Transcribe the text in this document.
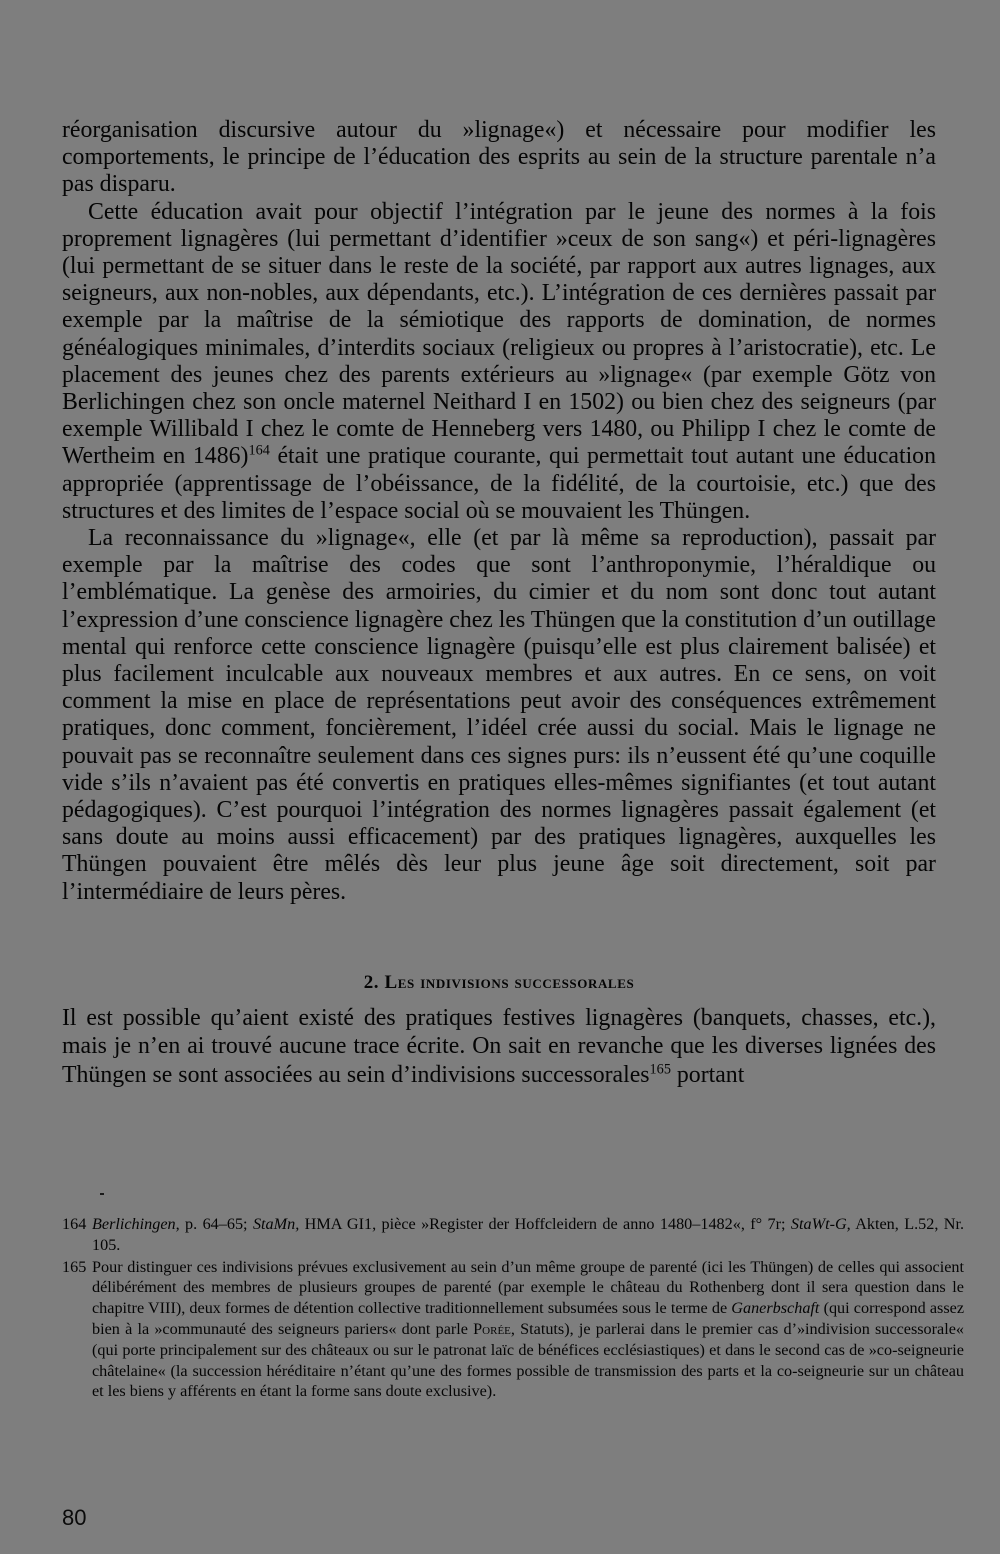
réorganisation discursive autour du »lignage«) et nécessaire pour modifier les comportements, le principe de l’éducation des esprits au sein de la structure parentale n’a pas disparu.

Cette éducation avait pour objectif l’intégration par le jeune des normes à la fois proprement lignagères (lui permettant d’identifier »ceux de son sang«) et péri-lignagères (lui permettant de se situer dans le reste de la société, par rapport aux autres lignages, aux seigneurs, aux non-nobles, aux dépendants, etc.). L’intégration de ces dernières passait par exemple par la maîtrise de la sémiotique des rapports de domination, de normes généalogiques minimales, d’interdits sociaux (religieux ou propres à l’aristocratie), etc. Le placement des jeunes chez des parents extérieurs au »lignage« (par exemple Götz von Berlichingen chez son oncle maternel Neithard I en 1502) ou bien chez des seigneurs (par exemple Willibald I chez le comte de Henneberg vers 1480, ou Philipp I chez le comte de Wertheim en 1486)$^{164}$ était une pratique courante, qui permettait tout autant une éducation appropriée (apprentissage de l’obéissance, de la fidélité, de la courtoisie, etc.) que des structures et des limites de l’espace social où se mouvaient les Thüngen.

La reconnaissance du »lignage«, elle (et par là même sa reproduction), passait par exemple par la maîtrise des codes que sont l’anthroponymie, l’héraldique ou l’emblématique. La genèse des armoiries, du cimier et du nom sont donc tout autant l’expression d’une conscience lignagère chez les Thüngen que la constitution d’un outillage mental qui renforce cette conscience lignagère (puisqu’elle est plus clairement balisée) et plus facilement inculcable aux nouveaux membres et aux autres. En ce sens, on voit comment la mise en place de représentations peut avoir des conséquences extrêmement pratiques, donc comment, foncièrement, l’idéel crée aussi du social. Mais le lignage ne pouvait pas se reconnaître seulement dans ces signes purs: ils n’eussent été qu’une coquille vide s’ils n’avaient pas été convertis en pratiques elles-mêmes signifiantes (et tout autant pédagogiques). C’est pourquoi l’intégration des normes lignagères passait également (et sans doute au moins aussi efficacement) par des pratiques lignagères, auxquelles les Thüngen pouvaient être mêlés dès leur plus jeune âge soit directement, soit par l’intermédiaire de leurs pères.

2. Les indivisions successorales

Il est possible qu’aient existé des pratiques festives lignagères (banquets, chasses, etc.), mais je n’en ai trouvé aucune trace écrite. On sait en revanche que les diverses lignées des Thüngen se sont associées au sein d’indivisions successorales$^{165}$ portant

164 Berlichingen, p. 64–65; StaMn, HMA GI1, pièce »Register der Hoffcleidern de anno 1480–1482«, f° 7r; StaWt-G, Akten, L.52, Nr. 105.
165 Pour distinguer ces indivisions prévues exclusivement au sein d’un même groupe de parenté (ici les Thüngen) de celles qui associent délibérément des membres de plusieurs groupes de parenté (par exemple le château du Rothenberg dont il sera question dans le chapitre VIII), deux formes de détention collective traditionnellement subsumées sous le terme de Ganerbschaft (qui correspond assez bien à la »communauté des seigneurs pariers« dont parle Porée, Statuts), je parlerai dans le premier cas d’»indivision successorale« (qui porte principalement sur des châteaux ou sur le patronat laïc de bénéfices ecclésiastiques) et dans le second cas de »co-seigneurie châtelaine« (la succession héréditaire n’étant qu’une des formes possible de transmission des parts et la co-seigneurie sur un château et les biens y afférents en étant la forme sans doute exclusive).
80
